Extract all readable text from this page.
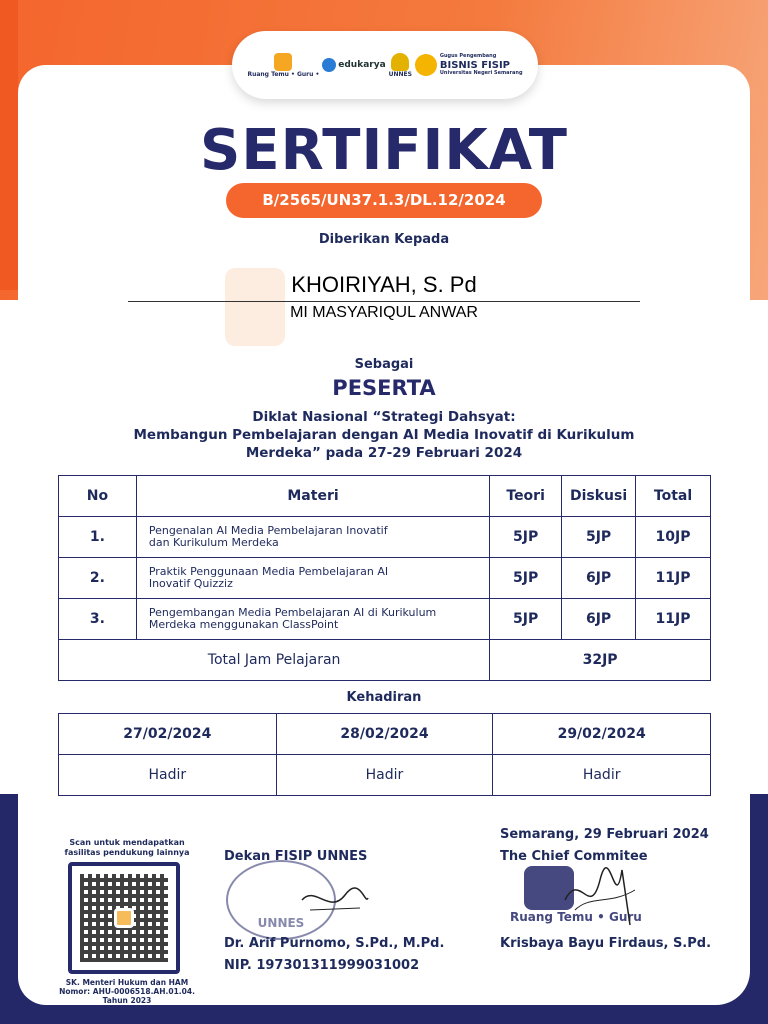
Ruang Temu • Guru •
edukarya
UNNES
Gugus Pengembang
BISNIS FISIP
Universitas Negeri Semarang
SERTIFIKAT
B/2565/UN37.1.3/DL.12/2024
Diberikan Kepada
KHOIRIYAH, S. Pd
MI MASYARIQUL ANWAR
Sebagai
PESERTA
Diklat Nasional “Strategi Dahsyat:
Membangun Pembelajaran dengan AI Media Inovatif di Kurikulum
Merdeka” pada 27-29 Februari 2024
No	Materi	Teori	Diskusi	Total
1.	Pengenalan AI Media Pembelajaran Inovatif
dan Kurikulum Merdeka	5JP	5JP	10JP
2.	Praktik Penggunaan Media Pembelajaran AI
Inovatif Quizziz	5JP	6JP	11JP
3.	Pengembangan Media Pembelajaran AI di Kurikulum
Merdeka menggunakan ClassPoint	5JP	6JP	11JP
Total Jam Pelajaran		32JP		
Kehadiran
27/02/2024	28/02/2024	29/02/2024
Hadir	Hadir	Hadir
Scan untuk mendapatkan
fasilitas pendukung lainnya
SK. Menteri Hukum dan HAM
Nomor: AHU-0006518.AH.01.04.
Tahun 2023
Dekan FISIP UNNES
UNNES
Dr. Arif Purnomo, S.Pd., M.Pd.
NIP. 197301311999031002
Semarang, 29 Februari 2024
The Chief Commitee
Ruang Temu • Guru
Krisbaya Bayu Firdaus, S.Pd.
